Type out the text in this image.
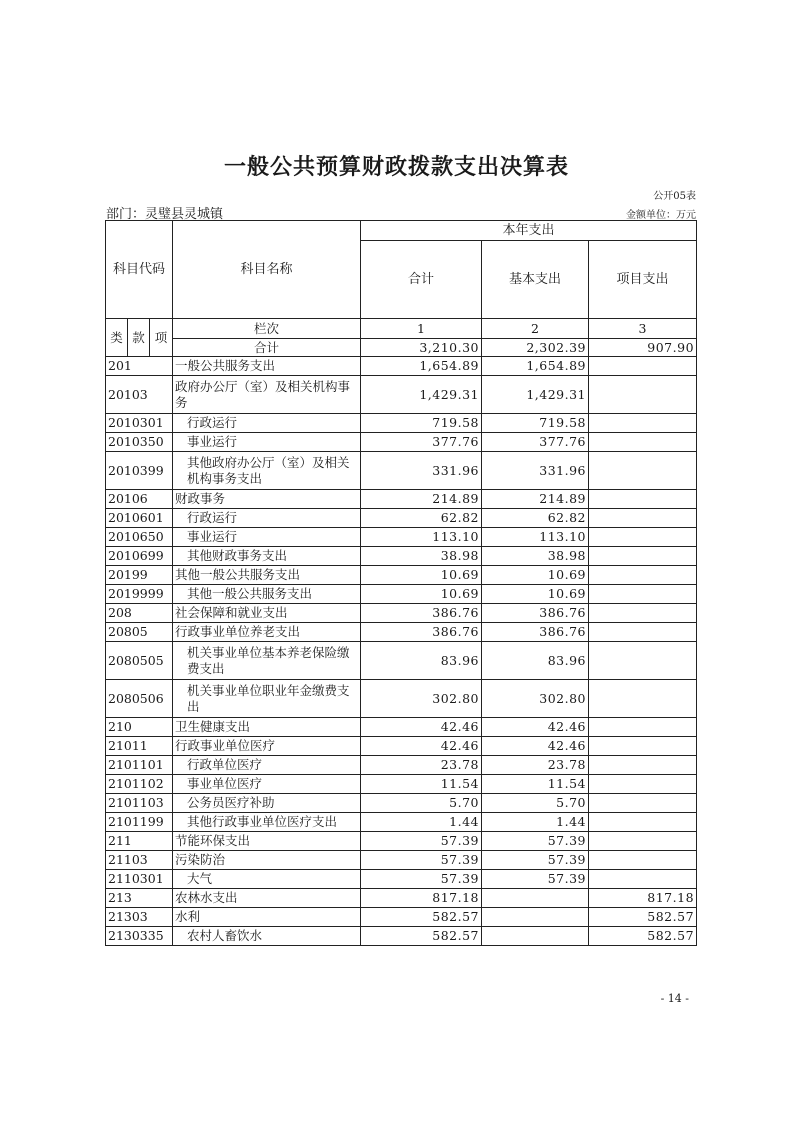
一般公共预算财政拨款支出决算表
公开05表
部门：灵璧县灵城镇	金额单位：万元
科目代码			科目名称	本年支出		
				合计	基本支出	项目支出
类	款	项	栏次	1	2	3
			合计	3,210.30	2,302.39	907.90
201			一般公共服务支出	1,654.89	1,654.89	
20103			政府办公厅（室）及相关机构事务	1,429.31	1,429.31	
2010301			行政运行	719.58	719.58	
2010350			事业运行	377.76	377.76	
2010399			其他政府办公厅（室）及相关机构事务支出	331.96	331.96	
20106			财政事务	214.89	214.89	
2010601			行政运行	62.82	62.82	
2010650			事业运行	113.10	113.10	
2010699			其他财政事务支出	38.98	38.98	
20199			其他一般公共服务支出	10.69	10.69	
2019999			其他一般公共服务支出	10.69	10.69	
208			社会保障和就业支出	386.76	386.76	
20805			行政事业单位养老支出	386.76	386.76	
2080505			机关事业单位基本养老保险缴费支出	83.96	83.96	
2080506			机关事业单位职业年金缴费支出	302.80	302.80	
210			卫生健康支出	42.46	42.46	
21011			行政事业单位医疗	42.46	42.46	
2101101			行政单位医疗	23.78	23.78	
2101102			事业单位医疗	11.54	11.54	
2101103			公务员医疗补助	5.70	5.70	
2101199			其他行政事业单位医疗支出	1.44	1.44	
211			节能环保支出	57.39	57.39	
21103			污染防治	57.39	57.39	
2110301			大气	57.39	57.39	
213			农林水支出	817.18		817.18
21303			水利	582.57		582.57
2130335			农村人畜饮水	582.57		582.57
- 14 -
